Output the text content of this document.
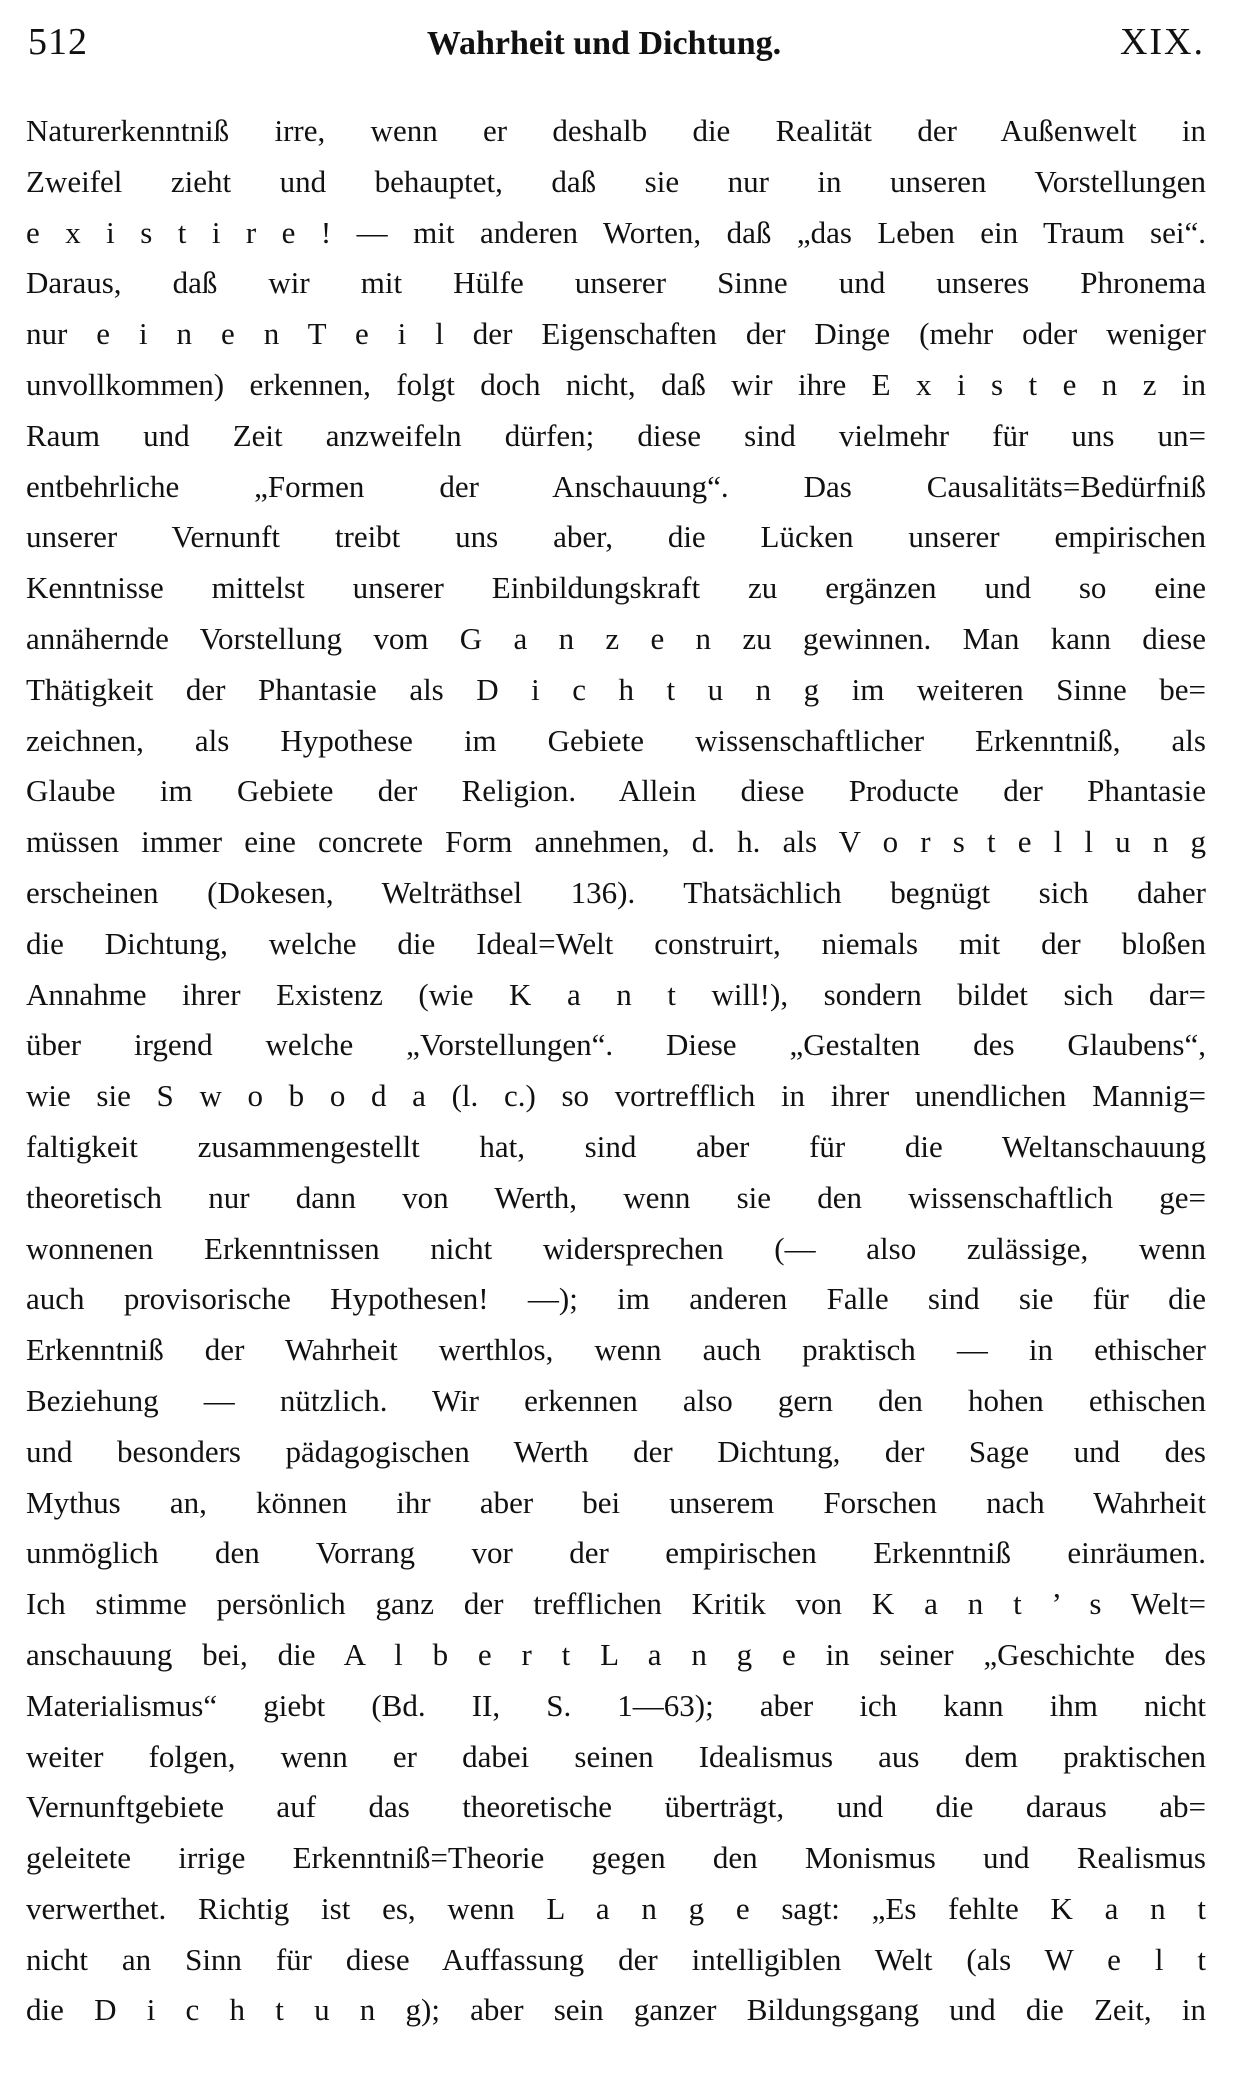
512	Wahrheit und Dichtung.	XIX.
Naturerkenntniß irre, wenn er deshalb die Realität der Außenwelt in
Zweifel zieht und behauptet, daß sie nur in unseren Vorstellungen
e x i s t i r e ! — mit anderen Worten, daß „das Leben ein Traum sei“.
Daraus, daß wir mit Hülfe unserer Sinne und unseres Phronema
nur e i n e n T e i l der Eigenschaften der Dinge (mehr oder weniger
unvollkommen) erkennen, folgt doch nicht, daß wir ihre E x i s t e n z in
Raum und Zeit anzweifeln dürfen; diese sind vielmehr für uns un=
entbehrliche „Formen der Anschauung“. Das Causalitäts=Bedürfniß
unserer Vernunft treibt uns aber, die Lücken unserer empirischen
Kenntnisse mittelst unserer Einbildungskraft zu ergänzen und so eine
annähernde Vorstellung vom G a n z e n zu gewinnen. Man kann diese
Thätigkeit der Phantasie als D i c h t u n g im weiteren Sinne be=
zeichnen, als Hypothese im Gebiete wissenschaftlicher Erkenntniß, als
Glaube im Gebiete der Religion. Allein diese Producte der Phantasie
müssen immer eine concrete Form annehmen, d. h. als V o r s t e l l u n g
erscheinen (Dokesen, Welträthsel 136). Thatsächlich begnügt sich daher
die Dichtung, welche die Ideal=Welt construirt, niemals mit der bloßen
Annahme ihrer Existenz (wie K a n t will!), sondern bildet sich dar=
über irgend welche „Vorstellungen“. Diese „Gestalten des Glaubens“,
wie sie S w o b o d a (l. c.) so vortrefflich in ihrer unendlichen Mannig=
faltigkeit zusammengestellt hat, sind aber für die Weltanschauung
theoretisch nur dann von Werth, wenn sie den wissenschaftlich ge=
wonnenen Erkenntnissen nicht widersprechen (— also zulässige, wenn
auch provisorische Hypothesen! —); im anderen Falle sind sie für die
Erkenntniß der Wahrheit werthlos, wenn auch praktisch — in ethischer
Beziehung — nützlich. Wir erkennen also gern den hohen ethischen
und besonders pädagogischen Werth der Dichtung, der Sage und des
Mythus an, können ihr aber bei unserem Forschen nach Wahrheit
unmöglich den Vorrang vor der empirischen Erkenntniß einräumen.
Ich stimme persönlich ganz der trefflichen Kritik von K a n t ’ s Welt=
anschauung bei, die A l b e r t L a n g e in seiner „Geschichte des
Materialismus“ giebt (Bd. II, S. 1—63); aber ich kann ihm nicht
weiter folgen, wenn er dabei seinen Idealismus aus dem praktischen
Vernunftgebiete auf das theoretische überträgt, und die daraus ab=
geleitete irrige Erkenntniß=Theorie gegen den Monismus und Realismus
verwerthet. Richtig ist es, wenn L a n g e sagt: „Es fehlte K a n t
nicht an Sinn für diese Auffassung der intelligiblen Welt (als W e l t
die D i c h t u n g); aber sein ganzer Bildungsgang und die Zeit, in
